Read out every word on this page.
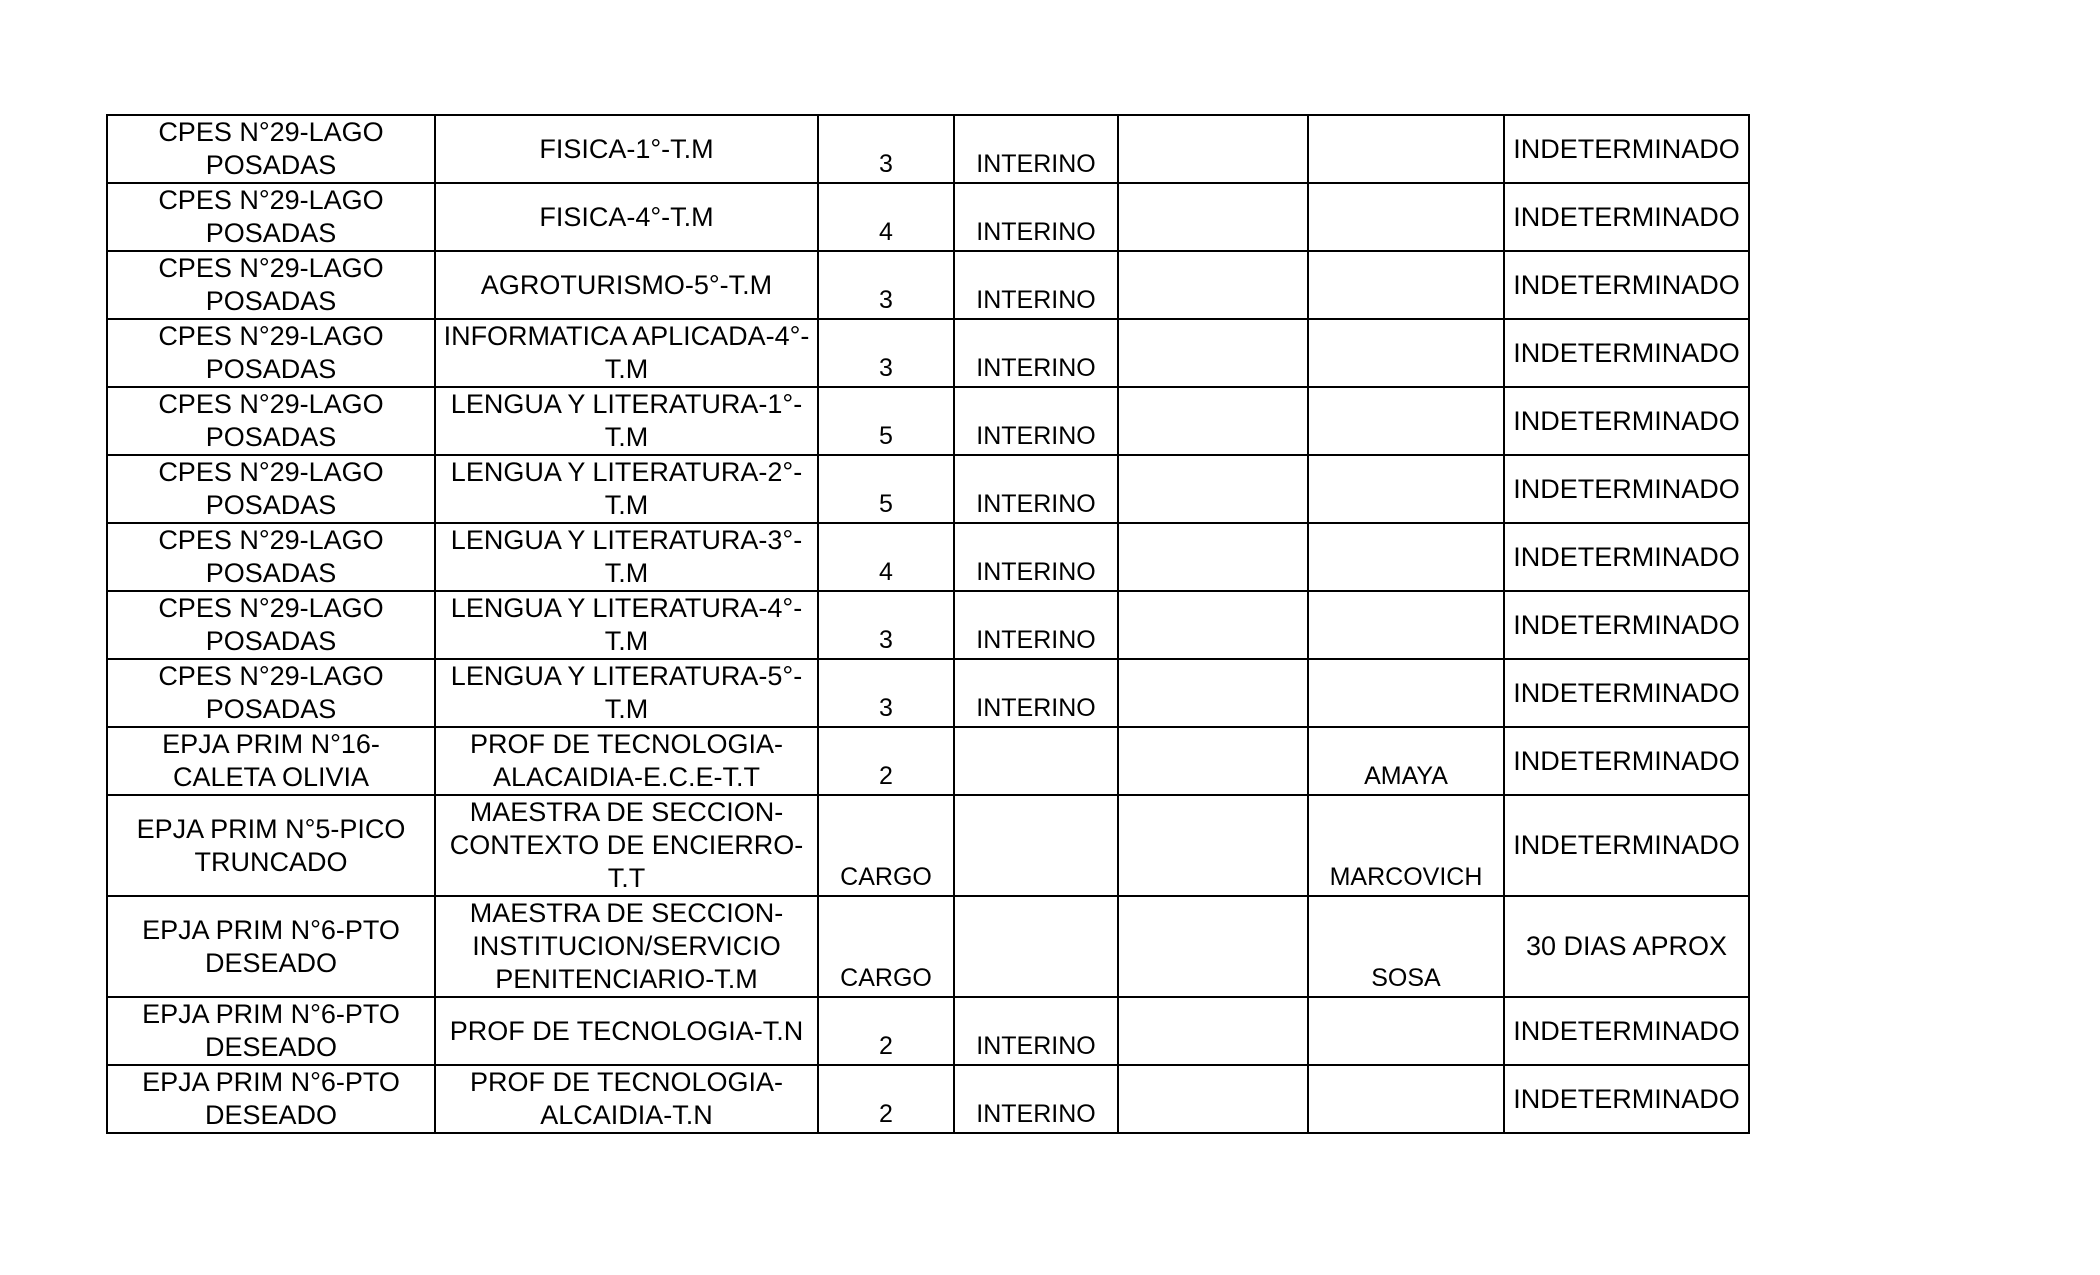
CPES N°29-LAGO POSADAS	FISICA-1°-T.M	3	INTERINO			INDETERMINADO
CPES N°29-LAGO POSADAS	FISICA-4°-T.M	4	INTERINO			INDETERMINADO
CPES N°29-LAGO POSADAS	AGROTURISMO-5°-T.M	3	INTERINO			INDETERMINADO
CPES N°29-LAGO POSADAS	INFORMATICA APLICADA-4°-T.M	3	INTERINO			INDETERMINADO
CPES N°29-LAGO POSADAS	LENGUA Y LITERATURA-1°-T.M	5	INTERINO			INDETERMINADO
CPES N°29-LAGO POSADAS	LENGUA Y LITERATURA-2°-T.M	5	INTERINO			INDETERMINADO
CPES N°29-LAGO POSADAS	LENGUA Y LITERATURA-3°-T.M	4	INTERINO			INDETERMINADO
CPES N°29-LAGO POSADAS	LENGUA Y LITERATURA-4°-T.M	3	INTERINO			INDETERMINADO
CPES N°29-LAGO POSADAS	LENGUA Y LITERATURA-5°-T.M	3	INTERINO			INDETERMINADO
EPJA PRIM N°16-CALETA OLIVIA	PROF DE TECNOLOGIA-ALACAIDIA-E.C.E-T.T	2			AMAYA	INDETERMINADO
EPJA PRIM N°5-PICO TRUNCADO	MAESTRA DE SECCION-CONTEXTO DE ENCIERRO-T.T	CARGO			MARCOVICH	INDETERMINADO
EPJA PRIM N°6-PTO DESEADO	MAESTRA DE SECCION-INSTITUCION/SERVICIO PENITENCIARIO-T.M	CARGO			SOSA	30 DIAS APROX
EPJA PRIM N°6-PTO DESEADO	PROF DE TECNOLOGIA-T.N	2	INTERINO			INDETERMINADO
EPJA PRIM N°6-PTO DESEADO	PROF DE TECNOLOGIA-ALCAIDIA-T.N	2	INTERINO			INDETERMINADO
